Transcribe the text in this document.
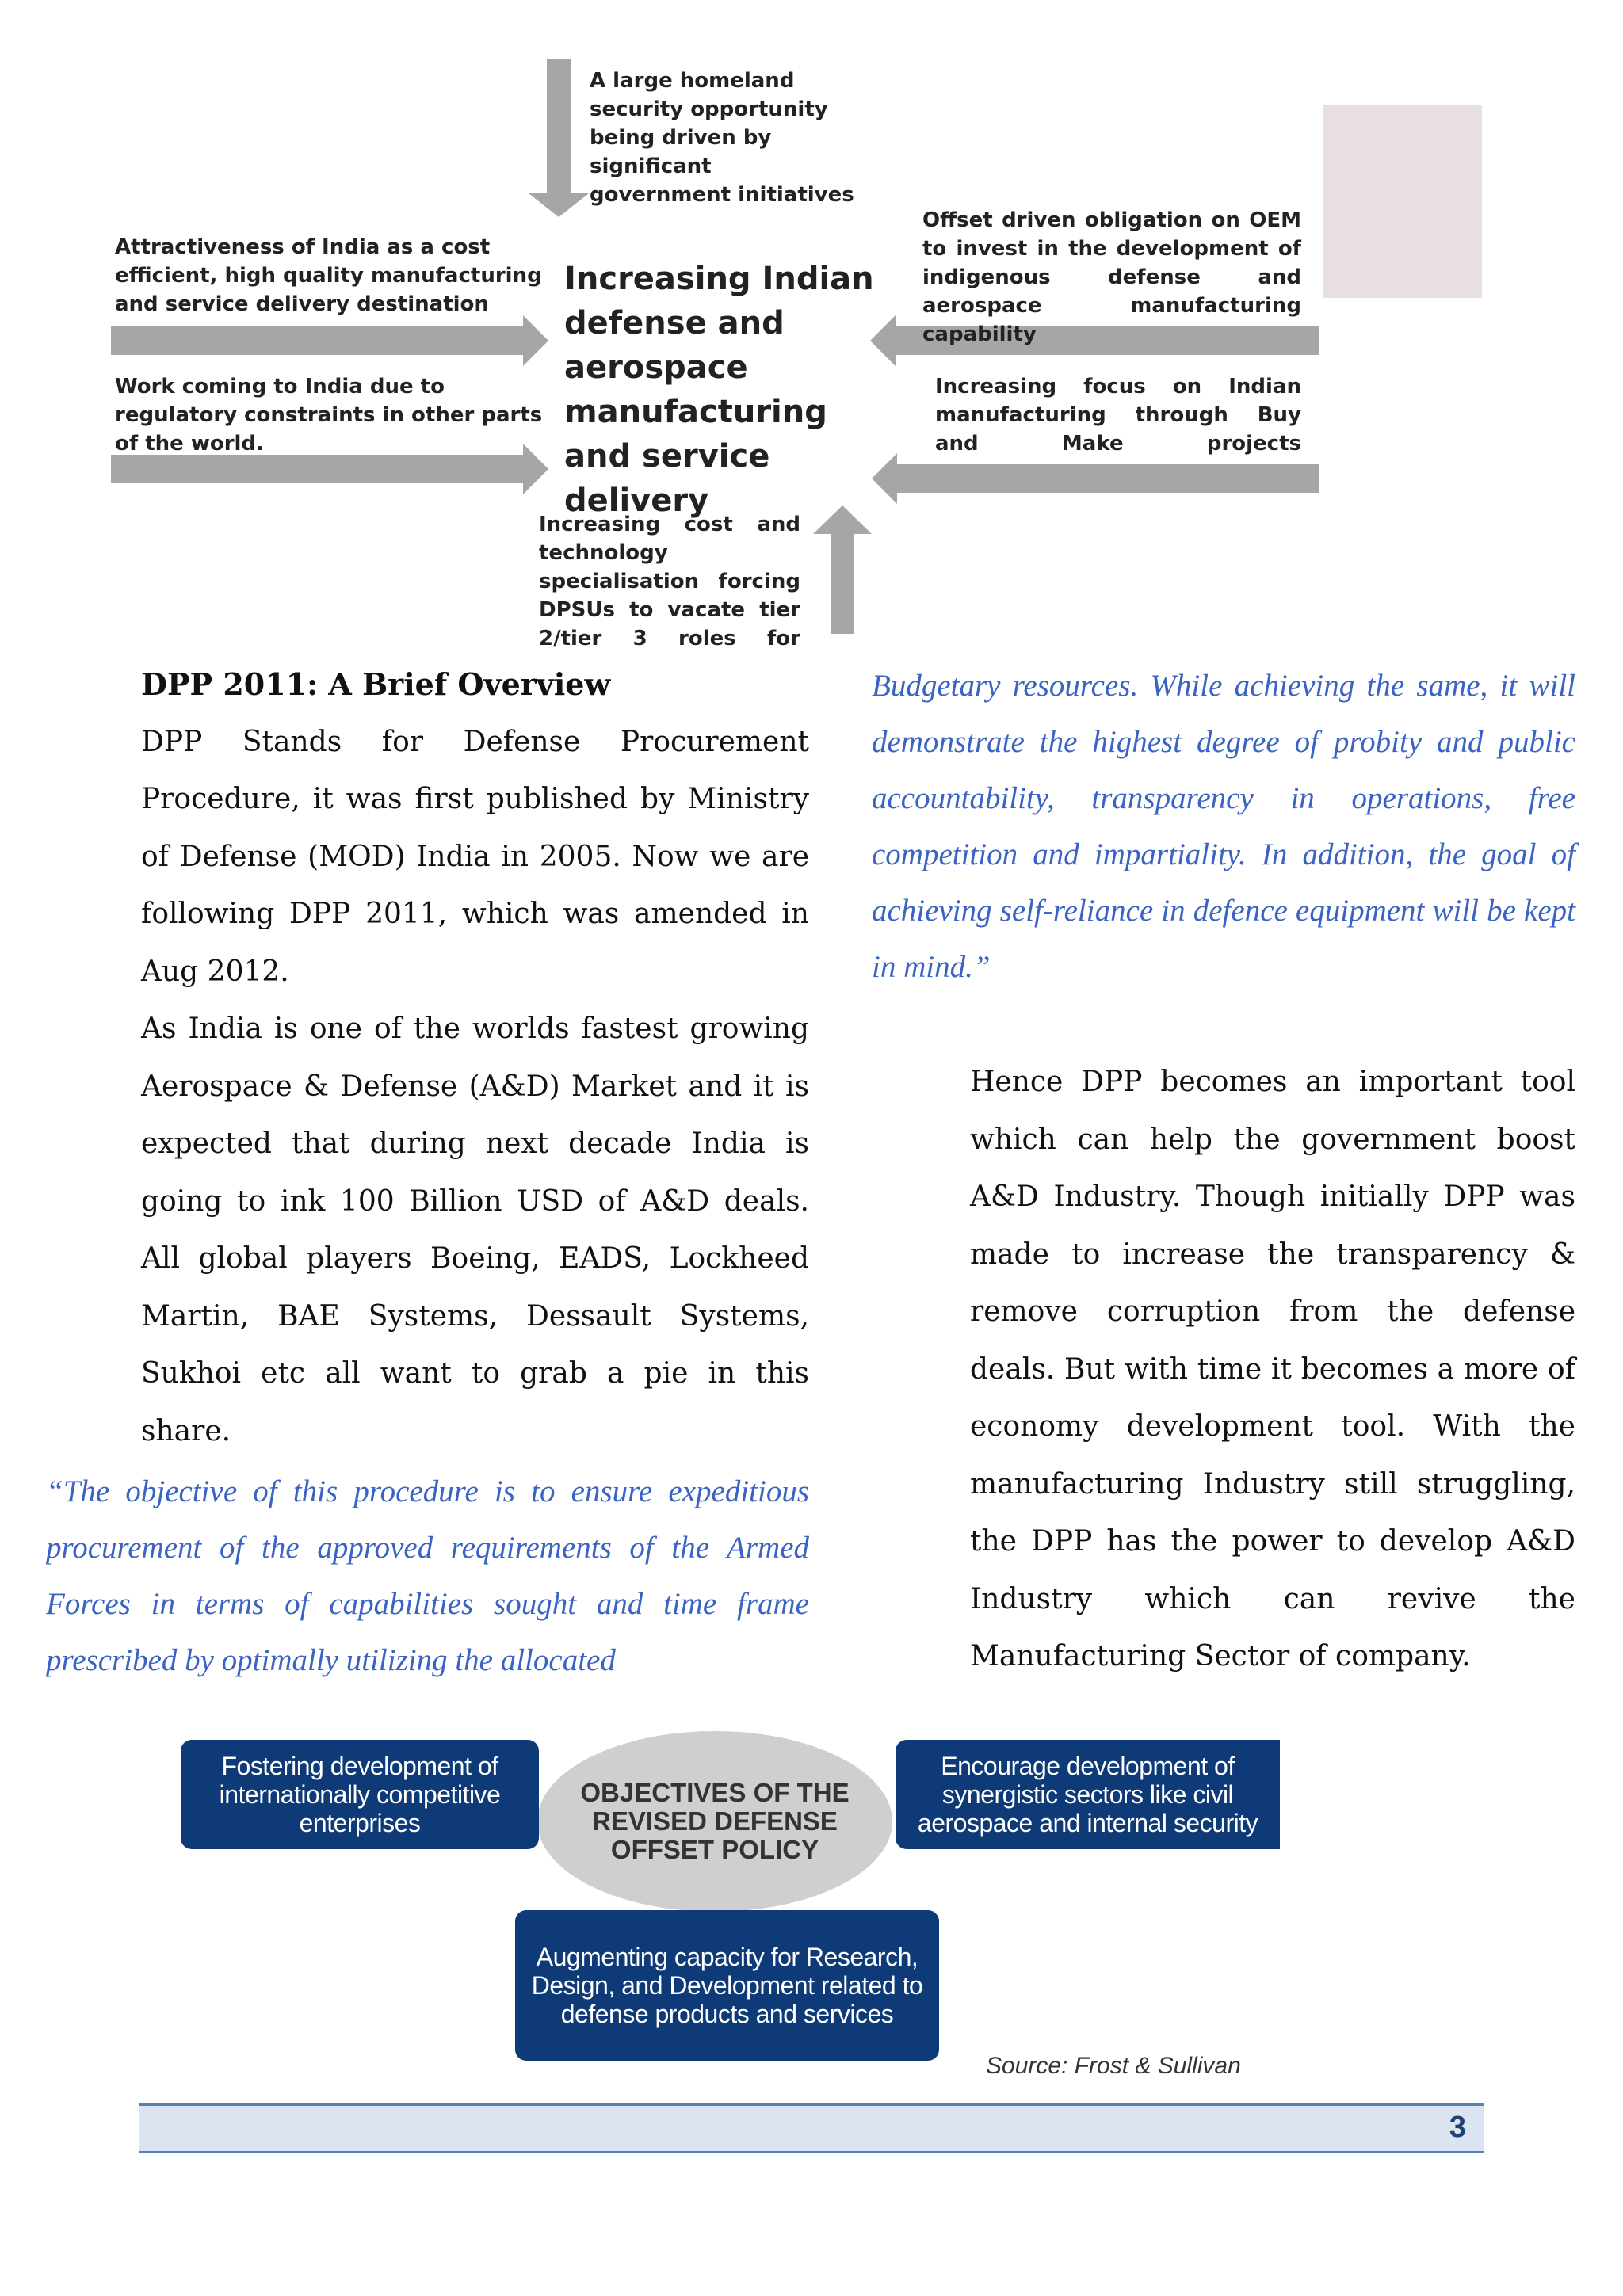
A large homeland security opportunity being driven by significant government initiatives
Attractiveness of India as a cost efficient, high quality manufacturing and service delivery destination
Work coming to India due to regulatory constraints in other parts of the world.
Increasing Indian defense and aerospace manufacturing and service delivery
Offset driven obligation on OEM to invest in the development of indigenous defense and aerospace manufacturing capability
Increasing focus on Indian manufacturing through Buy and Make projects
Increasing cost and technology specialisation forcing DPSUs to vacate tier 2/tier 3 roles for
DPP 2011: A Brief Overview

DPP Stands for Defense Procurement Procedure, it was first published by Ministry of Defense (MOD) India in 2005. Now we are following DPP 2011, which was amended in Aug 2012.

As India is one of the worlds fastest growing Aerospace & Defense (A&D) Market and it is expected that during next decade India is going to ink 100 Billion USD of A&D deals. All global players Boeing, EADS, Lockheed Martin, BAE Systems, Dessault Systems, Sukhoi etc all want to grab a pie in this share.

“The objective of this procedure is to ensure expeditious

procurement of the approved requirements of the Armed

Forces in terms of capabilities sought and time frame

prescribed by optimally utilizing the allocated

Budgetary resources. While achieving the same, it will demonstrate the highest degree of probity and public accountability, transparency in operations, free competition and impartiality. In addition, the goal of achieving self-reliance in defence equipment will be kept in mind.”

Hence DPP becomes an important tool which can help the government boost A&D Industry. Though initially DPP was made to increase the transparency & remove corruption from the defense deals. But with time it becomes a more of economy development tool. With the manufacturing Industry still struggling, the DPP has the power to develop A&D Industry which can revive the Manufacturing Sector of company.

OBJECTIVES OF THE REVISED DEFENSE OFFSET POLICY
Fostering development of internationally competitive enterprises
Encourage development of synergistic sectors like civil aerospace and internal security
Augmenting capacity for Research, Design, and Development related to defense products and services
Source: Frost & Sullivan
3
